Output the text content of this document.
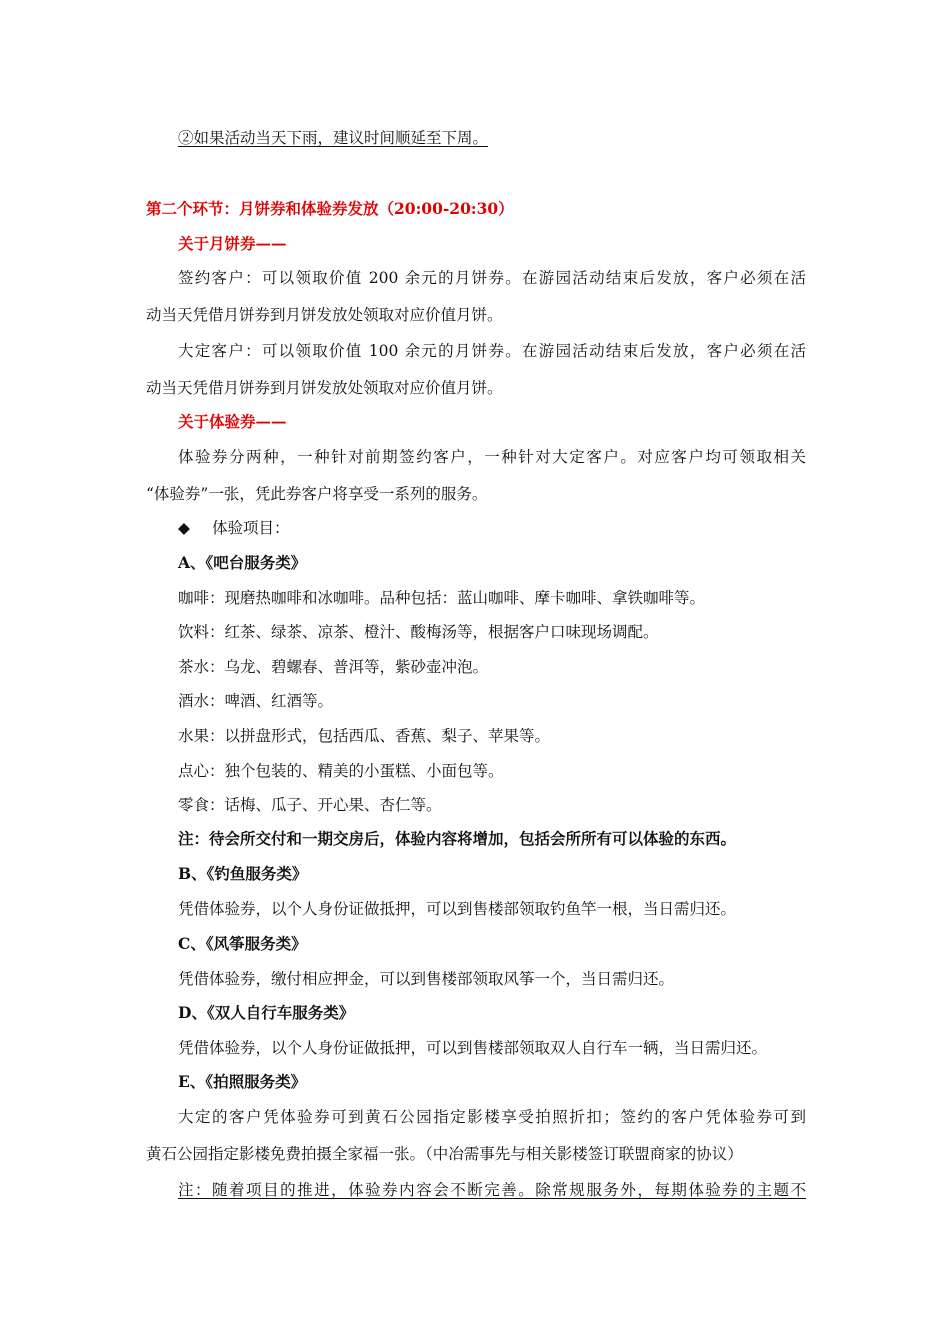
②如果活动当天下雨，建议时间顺延至下周。
第二个环节：月饼券和体验券发放（20:00-20:30）
关于月饼券——
签约客户：可以领取价值 200 余元的月饼券。在游园活动结束后发放，客户必须在活
动当天凭借月饼券到月饼发放处领取对应价值月饼。
大定客户：可以领取价值 100 余元的月饼券。在游园活动结束后发放，客户必须在活
动当天凭借月饼券到月饼发放处领取对应价值月饼。
关于体验券——
体验券分两种，一种针对前期签约客户，一种针对大定客户。对应客户均可领取相关
“体验券”一张，凭此券客户将享受一系列的服务。
◆ 体验项目：
A、《吧台服务类》
咖啡：现磨热咖啡和冰咖啡。品种包括：蓝山咖啡、摩卡咖啡、拿铁咖啡等。
饮料：红茶、绿茶、凉茶、橙汁、酸梅汤等，根据客户口味现场调配。
茶水：乌龙、碧螺春、普洱等，紫砂壶冲泡。
酒水：啤酒、红酒等。
水果：以拼盘形式，包括西瓜、香蕉、梨子、苹果等。
点心：独个包装的、精美的小蛋糕、小面包等。
零食：话梅、瓜子、开心果、杏仁等。
注：待会所交付和一期交房后，体验内容将增加，包括会所所有可以体验的东西。
B、《钓鱼服务类》
凭借体验券，以个人身份证做抵押，可以到售楼部领取钓鱼竿一根，当日需归还。
C、《风筝服务类》
凭借体验券，缴付相应押金，可以到售楼部领取风筝一个，当日需归还。
D、《双人自行车服务类》
凭借体验券，以个人身份证做抵押，可以到售楼部领取双人自行车一辆，当日需归还。
E、《拍照服务类》
大定的客户凭体验券可到黄石公园指定影楼享受拍照折扣；签约的客户凭体验券可到
黄石公园指定影楼免费拍摄全家福一张。（中冶需事先与相关影楼签订联盟商家的协议）
注：随着项目的推进，体验券内容会不断完善。除常规服务外，每期体验券的主题不
